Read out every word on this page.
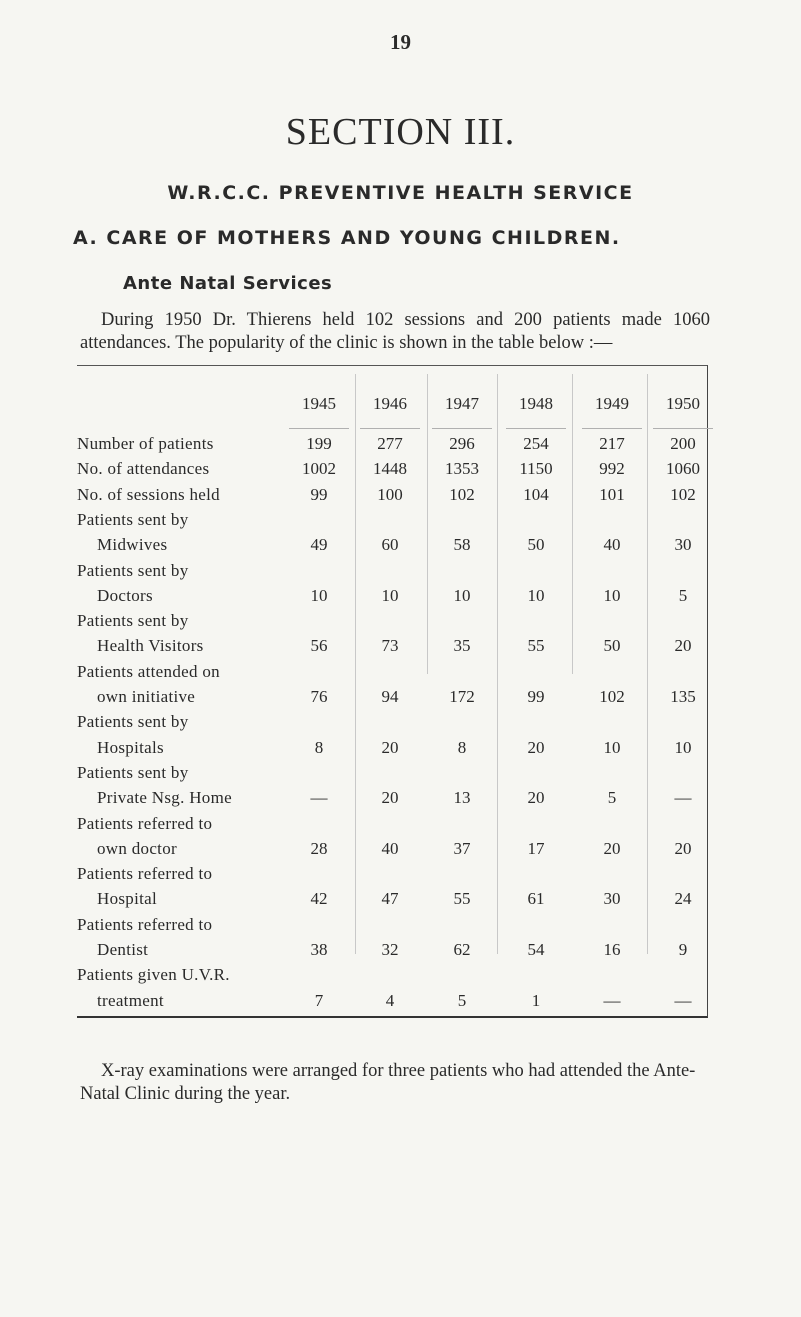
19
SECTION III.
W.R.C.C. PREVENTIVE HEALTH SERVICE
A. CARE OF MOTHERS AND YOUNG CHILDREN.
Ante Natal Services
During 1950 Dr. Thierens held 102 sessions and 200 patients made 1060 attendances. The popularity of the clinic is shown in the table below :—
1945	1946	1947	1948	1949	1950
Number of patients	199	277	296	254	217	200
No. of attendances	1002	1448	1353	1150	992	1060
No. of sessions held	99	100	102	104	101	102
Patients sent by
Midwives	49	60	58	50	40	30
Patients sent by
Doctors	10	10	10	10	10	5
Patients sent by
Health Visitors	56	73	35	55	50	20
Patients attended on
own initiative	76	94	172	99	102	135
Patients sent by
Hospitals	8	20	8	20	10	10
Patients sent by
Private Nsg. Home	—	20	13	20	5	—
Patients referred to
own doctor	28	40	37	17	20	20
Patients referred to
Hospital	42	47	55	61	30	24
Patients referred to
Dentist	38	32	62	54	16	9
Patients given U.V.R.
treatment	7	4	5	1	—	—
X-ray examinations were arranged for three patients who had attended the Ante-Natal Clinic during the year.
